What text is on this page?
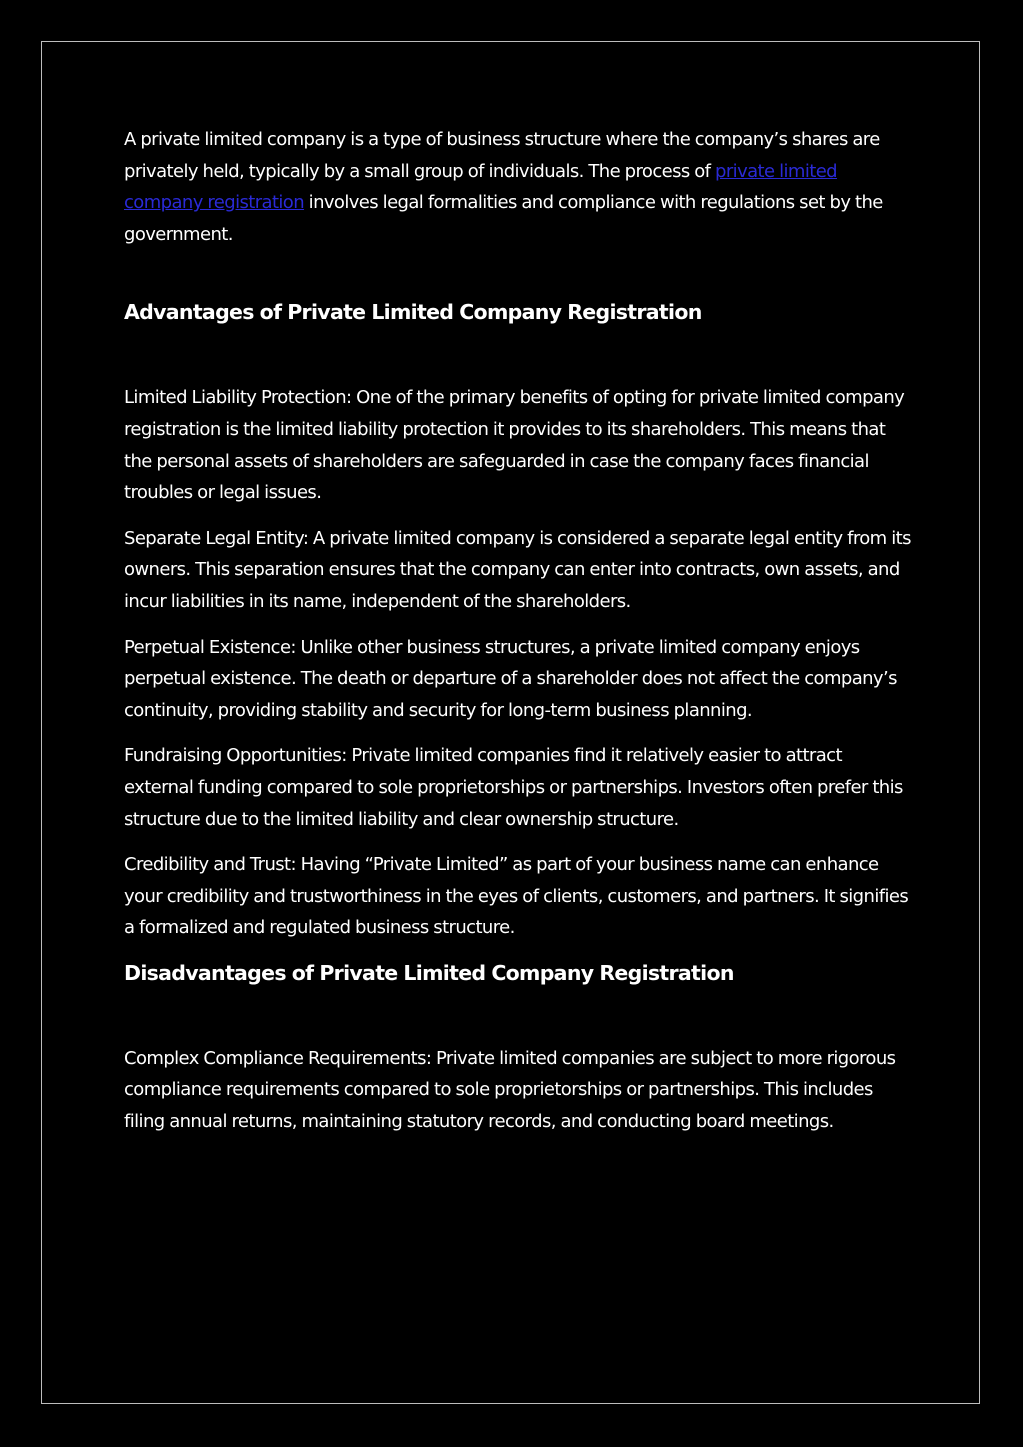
A private limited company is a type of business structure where the company’s shares are privately held, typically by a small group of individuals. The process of private limited company registration involves legal formalities and compliance with regulations set by the government.

Advantages of Private Limited Company Registration

Limited Liability Protection: One of the primary benefits of opting for private limited company registration is the limited liability protection it provides to its shareholders. This means that the personal assets of shareholders are safeguarded in case the company faces financial troubles or legal issues.

Separate Legal Entity: A private limited company is considered a separate legal entity from its owners. This separation ensures that the company can enter into contracts, own assets, and incur liabilities in its name, independent of the shareholders.

Perpetual Existence: Unlike other business structures, a private limited company enjoys perpetual existence. The death or departure of a shareholder does not affect the company’s continuity, providing stability and security for long-term business planning.

Fundraising Opportunities: Private limited companies find it relatively easier to attract external funding compared to sole proprietorships or partnerships. Investors often prefer this structure due to the limited liability and clear ownership structure.

Credibility and Trust: Having “Private Limited” as part of your business name can enhance your credibility and trustworthiness in the eyes of clients, customers, and partners. It signifies a formalized and regulated business structure.

Disadvantages of Private Limited Company Registration

Complex Compliance Requirements: Private limited companies are subject to more rigorous compliance requirements compared to sole proprietorships or partnerships. This includes filing annual returns, maintaining statutory records, and conducting board meetings.
